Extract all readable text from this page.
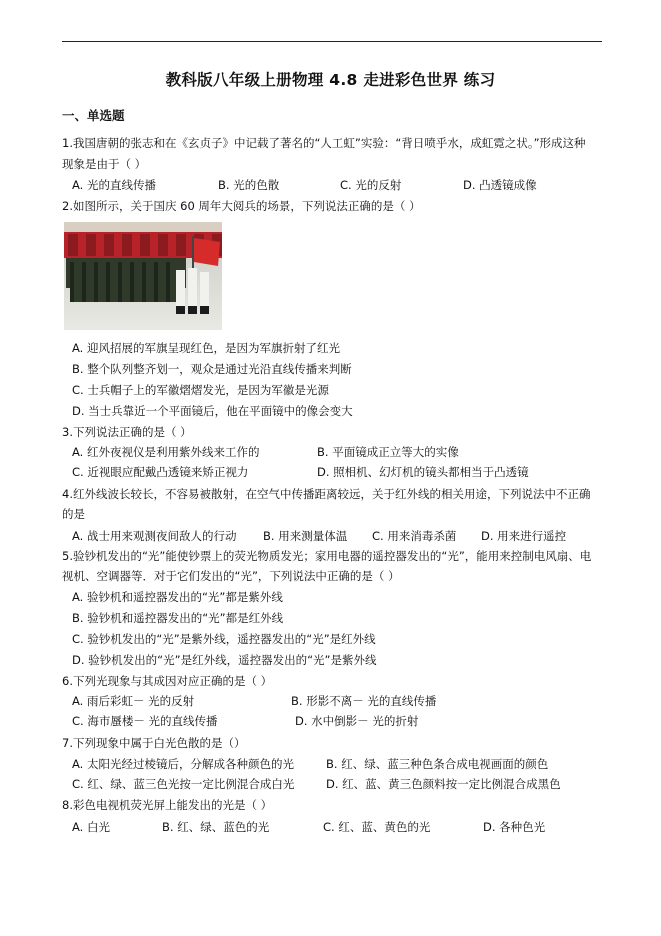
教科版八年级上册物理 4.8 走进彩色世界 练习
一、单选题
1.我国唐朝的张志和在《玄贞子》中记载了著名的“人工虹”实验：“背日喷乎水，成虹霓之状。”形成这种
现象是由于（ ）
A. 光的直线传播	B. 光的色散	C. 光的反射	D. 凸透镜成像
2.如图所示，关于国庆 60 周年大阅兵的场景，下列说法正确的是（ ）
A. 迎风招展的军旗呈现红色，是因为军旗折射了红光
B. 整个队列整齐划一，观众是通过光沿直线传播来判断
C. 士兵帽子上的军徽熠熠发光，是因为军徽是光源
D. 当士兵靠近一个平面镜后，他在平面镜中的像会变大
3.下列说法正确的是（ ）
A. 红外夜视仪是利用紫外线来工作的	B. 平面镜成正立等大的实像
C. 近视眼应配戴凸透镜来矫正视力	D. 照相机、幻灯机的镜头都相当于凸透镜
4.红外线波长较长，不容易被散射，在空气中传播距离较远，关于红外线的相关用途，下列说法中不正确
的是
A. 战士用来观测夜间敌人的行动 B. 用来测量体温 C. 用来消毒杀菌 D. 用来进行遥控
5.验钞机发出的“光”能使钞票上的荧光物质发光；家用电器的遥控器发出的“光”，能用来控制电风扇、电
视机、空调器等．对于它们发出的“光”，下列说法中正确的是（ ）
A. 验钞机和遥控器发出的“光”都是紫外线
B. 验钞机和遥控器发出的“光”都是红外线
C. 验钞机发出的“光”是紫外线，遥控器发出的“光”是红外线
D. 验钞机发出的“光”是红外线，遥控器发出的“光”是紫外线
6.下列光现象与其成因对应正确的是（ ）
A. 雨后彩虹－ 光的反射	B. 形影不离－ 光的直线传播
C. 海市蜃楼－ 光的直线传播	D. 水中倒影－ 光的折射
7.下列现象中属于白光色散的是（）
A. 太阳光经过棱镜后，分解成各种颜色的光	B. 红、绿、蓝三种色条合成电视画面的颜色
C. 红、绿、蓝三色光按一定比例混合成白光	D. 红、蓝、黄三色颜料按一定比例混合成黑色
8.彩色电视机荧光屏上能发出的光是（ ）
A. 白光	B. 红、绿、蓝色的光	C. 红、蓝、黄色的光	D. 各种色光
